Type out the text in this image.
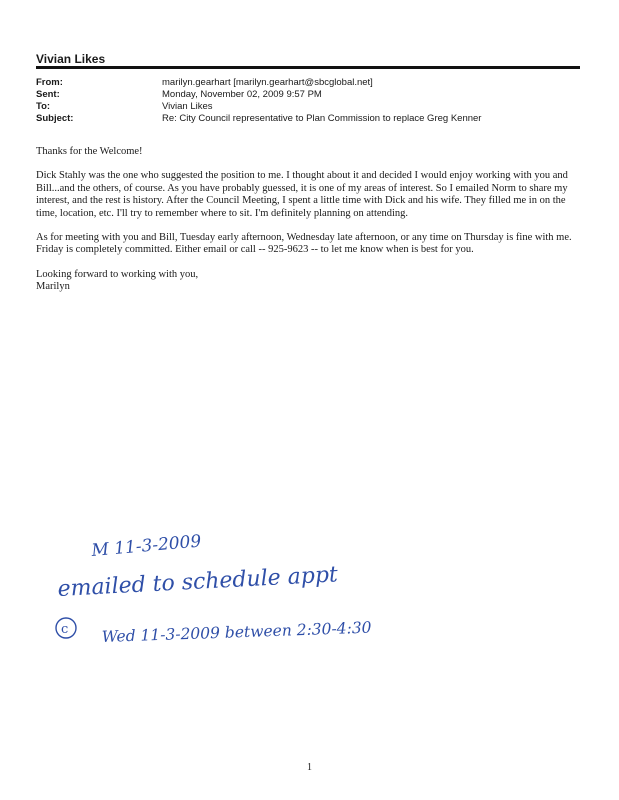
Vivian Likes
From:	marilyn.gearhart [marilyn.gearhart@sbcglobal.net]
Sent:	Monday, November 02, 2009 9:57 PM
To:	Vivian Likes
Subject:	Re: City Council representative to Plan Commission to replace Greg Kenner

Thanks for the Welcome!

Dick Stahly was the one who suggested the position to me. I thought about it and decided I would enjoy working with you and Bill...and the others, of course. As you have probably guessed, it is one of my areas of interest. So I emailed Norm to share my interest, and the rest is history. After the Council Meeting, I spent a little time with Dick and his wife. They filled me in on the time, location, etc. I'll try to remember where to sit. I'm definitely planning on attending.

As for meeting with you and Bill, Tuesday early afternoon, Wednesday late afternoon, or any time on Thursday is fine with me. Friday is completely committed. Either email or call -- 925-9623 -- to let me know when is best for you.

Looking forward to working with you,

Marilyn

M 11-3-2009
emailed to schedule appt
Wed 11-3-2009 between 2:30-4:30
c
1
